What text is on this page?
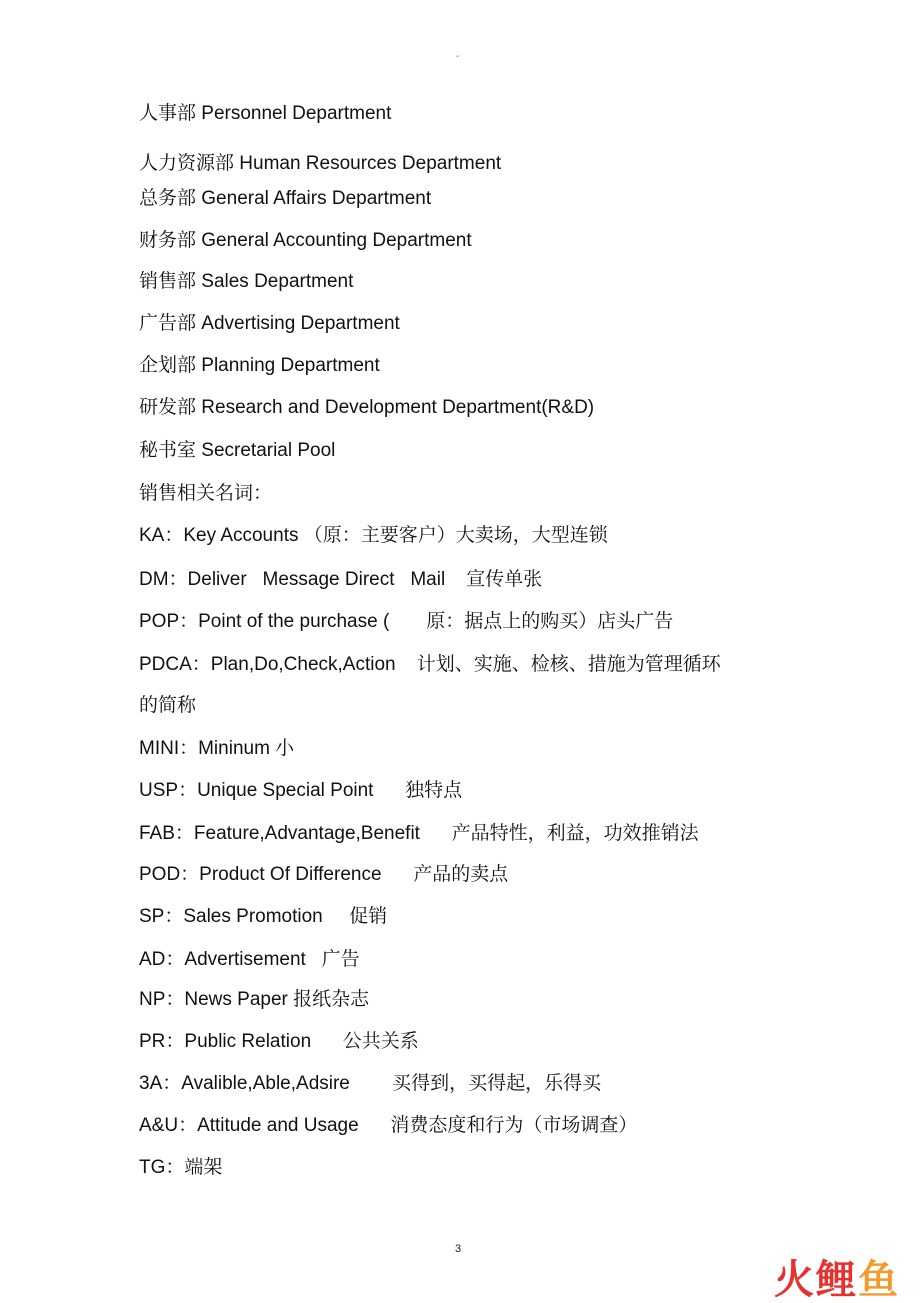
-
人事部 Personnel Department
人力资源部 Human Resources Department
总务部 General Affairs Department
财务部 General Accounting Department
销售部 Sales Department
广告部 Advertising Department
企划部 Planning Department
研发部 Research and Development Department(R&D)
秘书室 Secretarial Pool
销售相关名词：
KA：Key Accounts （原：主要客户）大卖场，大型连锁
DM：Deliver   Message Direct   Mail    宣传单张
POP：Point of the purchase (       原：据点上的购买）店头广告
PDCA：Plan,Do,Check,Action    计划、实施、检核、措施为管理循环
的简称
MINI：Mininum 小
USP：Unique Special Point      独特点
FAB：Feature,Advantage,Benefit      产品特性，利益，功效推销法
POD：Product Of Difference      产品的卖点
SP：Sales Promotion     促销
AD：Advertisement   广告
NP：News Paper 报纸杂志
PR：Public Relation      公共关系
3A：Avalible,Able,Adsire        买得到，买得起，乐得买
A&U：Attitude and Usage      消费态度和行为（市场调查）
TG：端架
3
火 鲤 鱼
